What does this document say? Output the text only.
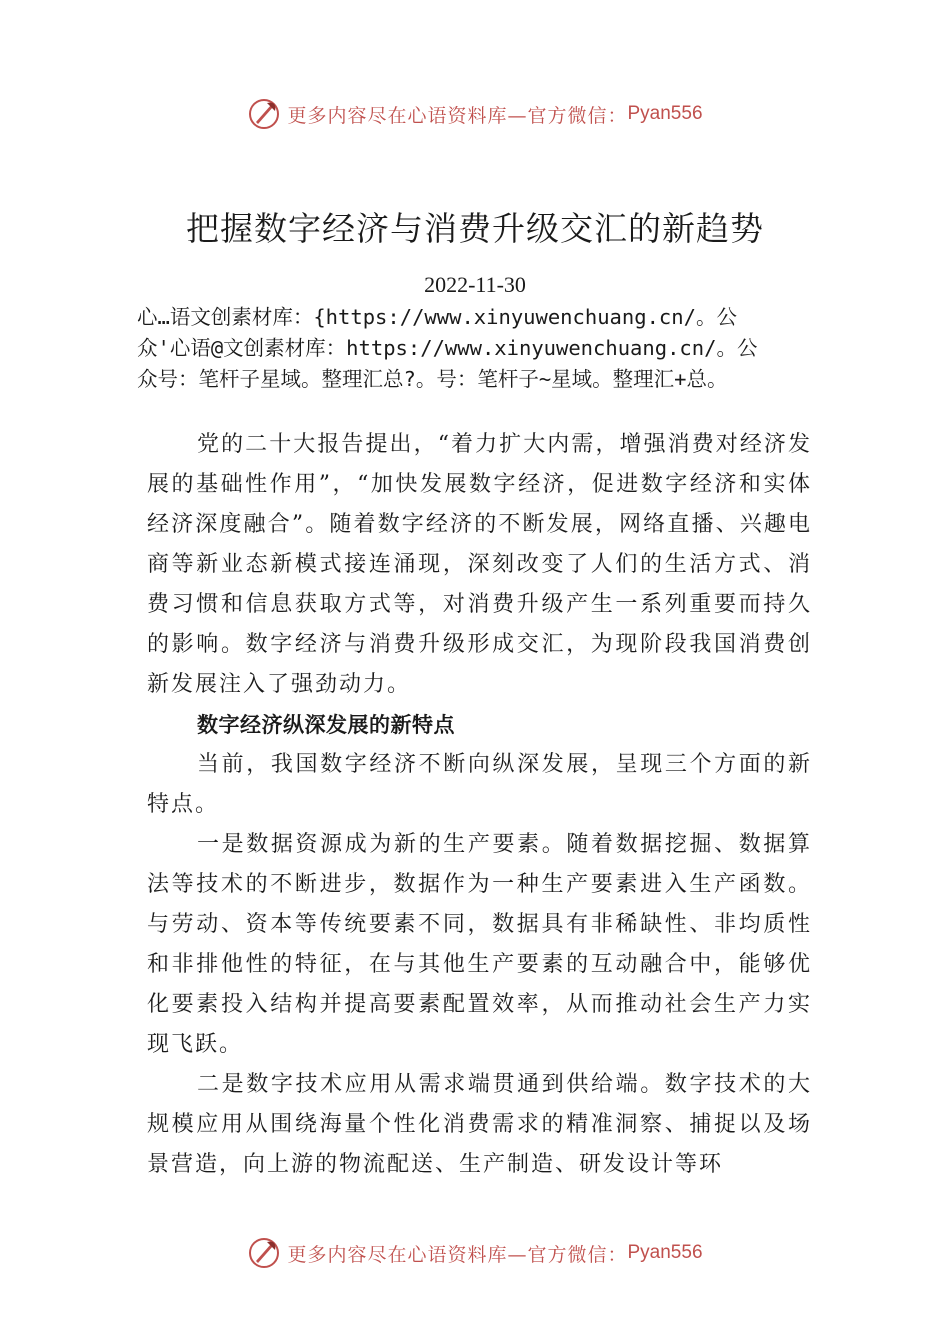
更多内容尽在心语资料库—官方微信： Pyan556
把握数字经济与消费升级交汇的新趋势
2022-11-30
心…语文创素材库：{https://www.xinyuwenchuang.cn/。公
众'心语@文创素材库：https://www.xinyuwenchuang.cn/。公
众号：笔杆子星域。整理汇总?。号：笔杆子~星域。整理汇+总。

党的二十大报告提出，“着力扩大内需，增强消费对经济发展的基础性作用”，“加快发展数字经济，促进数字经济和实体经济深度融合”。随着数字经济的不断发展，网络直播、兴趣电商等新业态新模式接连涌现，深刻改变了人们的生活方式、消费习惯和信息获取方式等，对消费升级产生一系列重要而持久的影响。数字经济与消费升级形成交汇，为现阶段我国消费创新发展注入了强劲动力。

数字经济纵深发展的新特点

当前，我国数字经济不断向纵深发展，呈现三个方面的新特点。

一是数据资源成为新的生产要素。随着数据挖掘、数据算法等技术的不断进步，数据作为一种生产要素进入生产函数。与劳动、资本等传统要素不同，数据具有非稀缺性、非均质性和非排他性的特征，在与其他生产要素的互动融合中，能够优化要素投入结构并提高要素配置效率，从而推动社会生产力实现飞跃。

二是数字技术应用从需求端贯通到供给端。数字技术的大规模应用从围绕海量个性化消费需求的精准洞察、捕捉以及场景营造，向上游的物流配送、生产制造、研发设计等环

更多内容尽在心语资料库—官方微信： Pyan556
